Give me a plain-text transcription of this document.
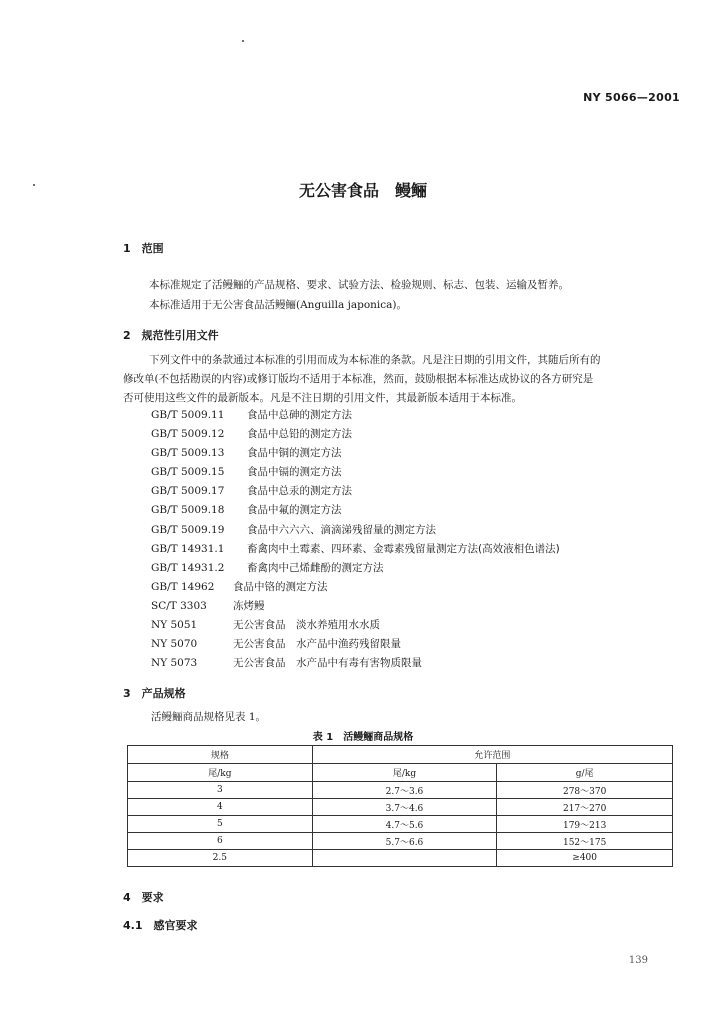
NY 5066—2001
无公害食品　鳗鲡
1　范围
本标准规定了活鳗鲡的产品规格、要求、试验方法、检验规则、标志、包装、运输及暂养。
本标准适用于无公害食品活鳗鲡(Anguilla japonica)。
2　规范性引用文件
下列文件中的条款通过本标准的引用而成为本标准的条款。凡是注日期的引用文件，其随后所有的
修改单(不包括勘误的内容)或修订版均不适用于本标准，然而，鼓励根据本标准达成协议的各方研究是
否可使用这些文件的最新版本。凡是不注日期的引用文件，其最新版本适用于本标准。
GB/T 5009.11 食品中总砷的测定方法
GB/T 5009.12 食品中总铅的测定方法
GB/T 5009.13 食品中铜的测定方法
GB/T 5009.15 食品中镉的测定方法
GB/T 5009.17 食品中总汞的测定方法
GB/T 5009.18 食品中氟的测定方法
GB/T 5009.19 食品中六六六、滴滴涕残留量的测定方法
GB/T 14931.1 畜禽肉中土霉素、四环素、金霉素残留量测定方法(高效液相色谱法)
GB/T 14931.2 畜禽肉中己烯雌酚的测定方法
GB/T 14962 食品中铬的测定方法
SC/T 3303 冻烤鳗
NY 5051	无公害食品　淡水养殖用水水质
NY 5070	无公害食品　水产品中渔药残留限量
NY 5073	无公害食品　水产品中有毒有害物质限量
3　产品规格
活鳗鲡商品规格见表 1。
表 1　活鳗鲡商品规格
规格	允许范围	
尾/kg	尾/kg	g/尾
3	2.7～3.6	278～370
4	3.7～4.6	217～270
5	4.7～5.6	179～213
6	5.7～6.6	152～175
2.5		≥400
4　要求
4.1　感官要求
139
